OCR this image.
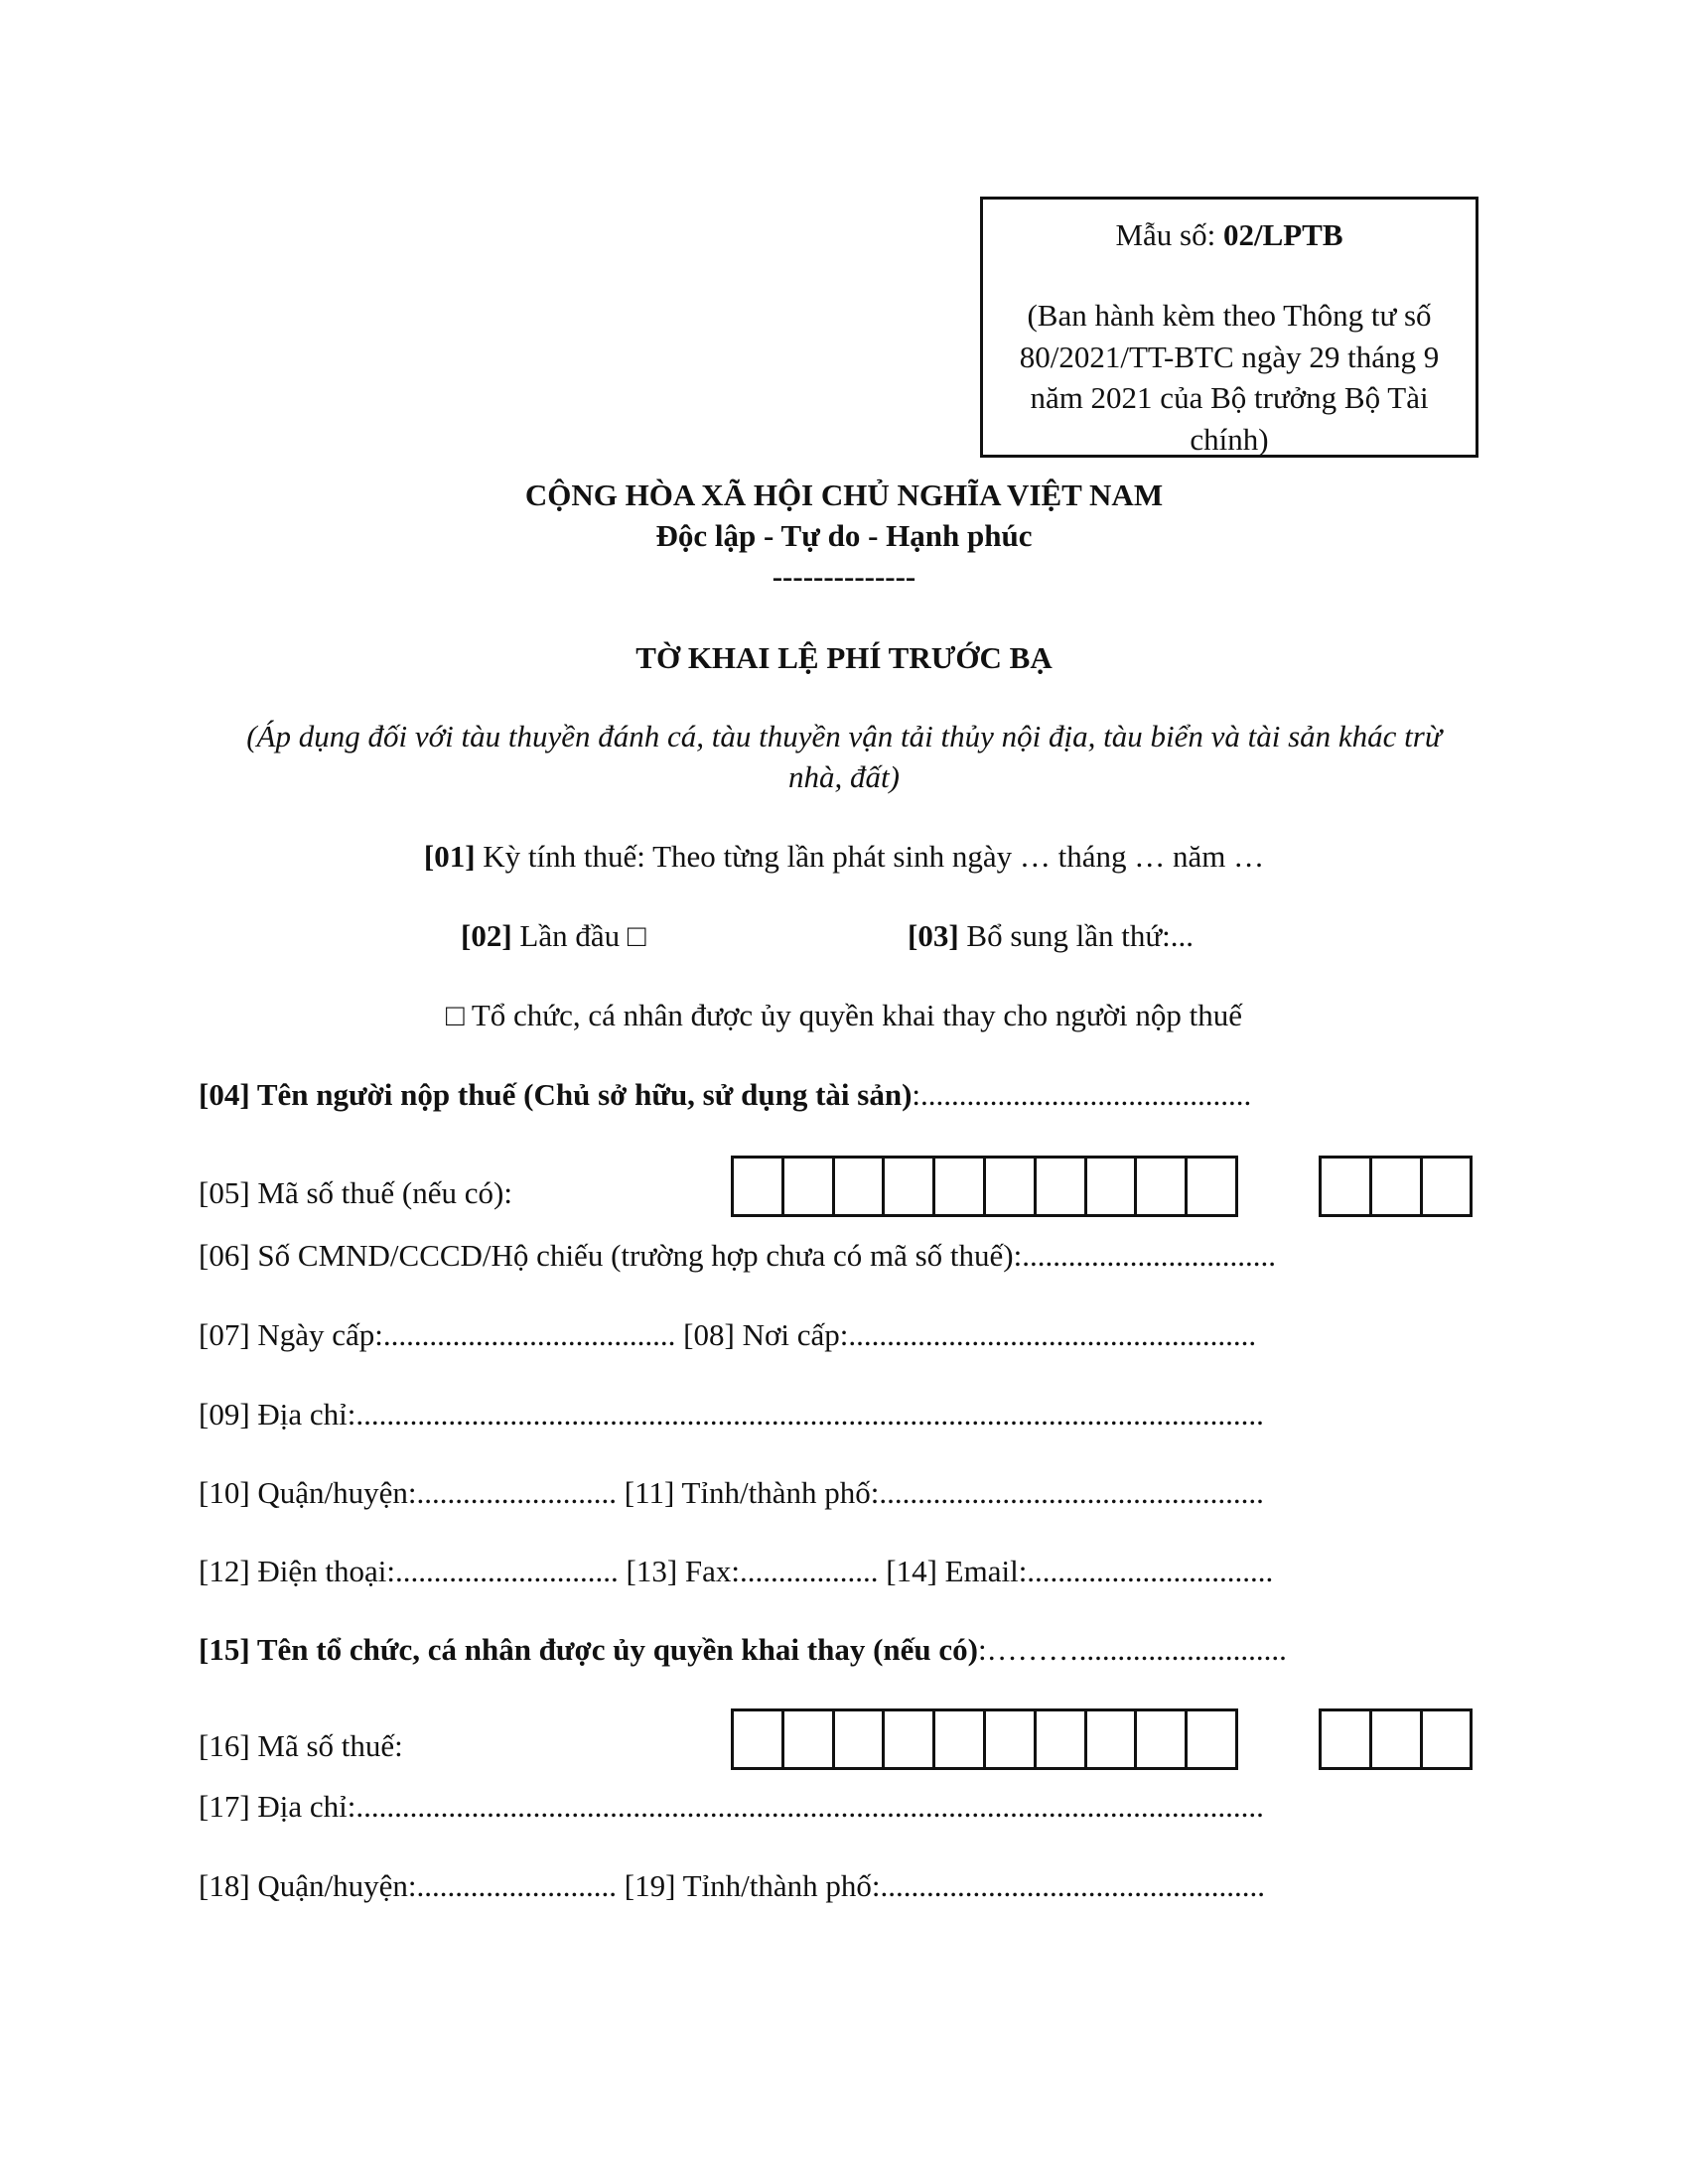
Mẫu số: 02/LPTB
(Ban hành kèm theo Thông tư số 80/2021/TT-BTC ngày 29 tháng 9 năm 2021 của Bộ trưởng Bộ Tài chính)
CỘNG HÒA XÃ HỘI CHỦ NGHĨA VIỆT NAM
Độc lập - Tự do - Hạnh phúc
--------------
TỜ KHAI LỆ PHÍ TRƯỚC BẠ
(Áp dụng đối với tàu thuyền đánh cá, tàu thuyền vận tải thủy nội địa, tàu biển và tài sản khác trừ
nhà, đất)
[01] Kỳ tính thuế: Theo từng lần phát sinh ngày … tháng … năm …
[02] Lần đầu □	[03] Bổ sung lần thứ:...
□ Tổ chức, cá nhân được ủy quyền khai thay cho người nộp thuế
[04] Tên người nộp thuế (Chủ sở hữu, sử dụng tài sản):...........................................
[05] Mã số thuế (nếu có):
[06] Số CMND/CCCD/Hộ chiếu (trường hợp chưa có mã số thuế):.................................
[07] Ngày cấp:...................................... [08] Nơi cấp:.....................................................
[09] Địa chỉ:......................................................................................................................
[10] Quận/huyện:.......................... [11] Tỉnh/thành phố:..................................................
[12] Điện thoại:............................. [13] Fax:.................. [14] Email:................................
[15] Tên tổ chức, cá nhân được ủy quyền khai thay (nếu có):………...........................
[16] Mã số thuế:
[17] Địa chỉ:......................................................................................................................
[18] Quận/huyện:.......................... [19] Tỉnh/thành phố:..................................................
